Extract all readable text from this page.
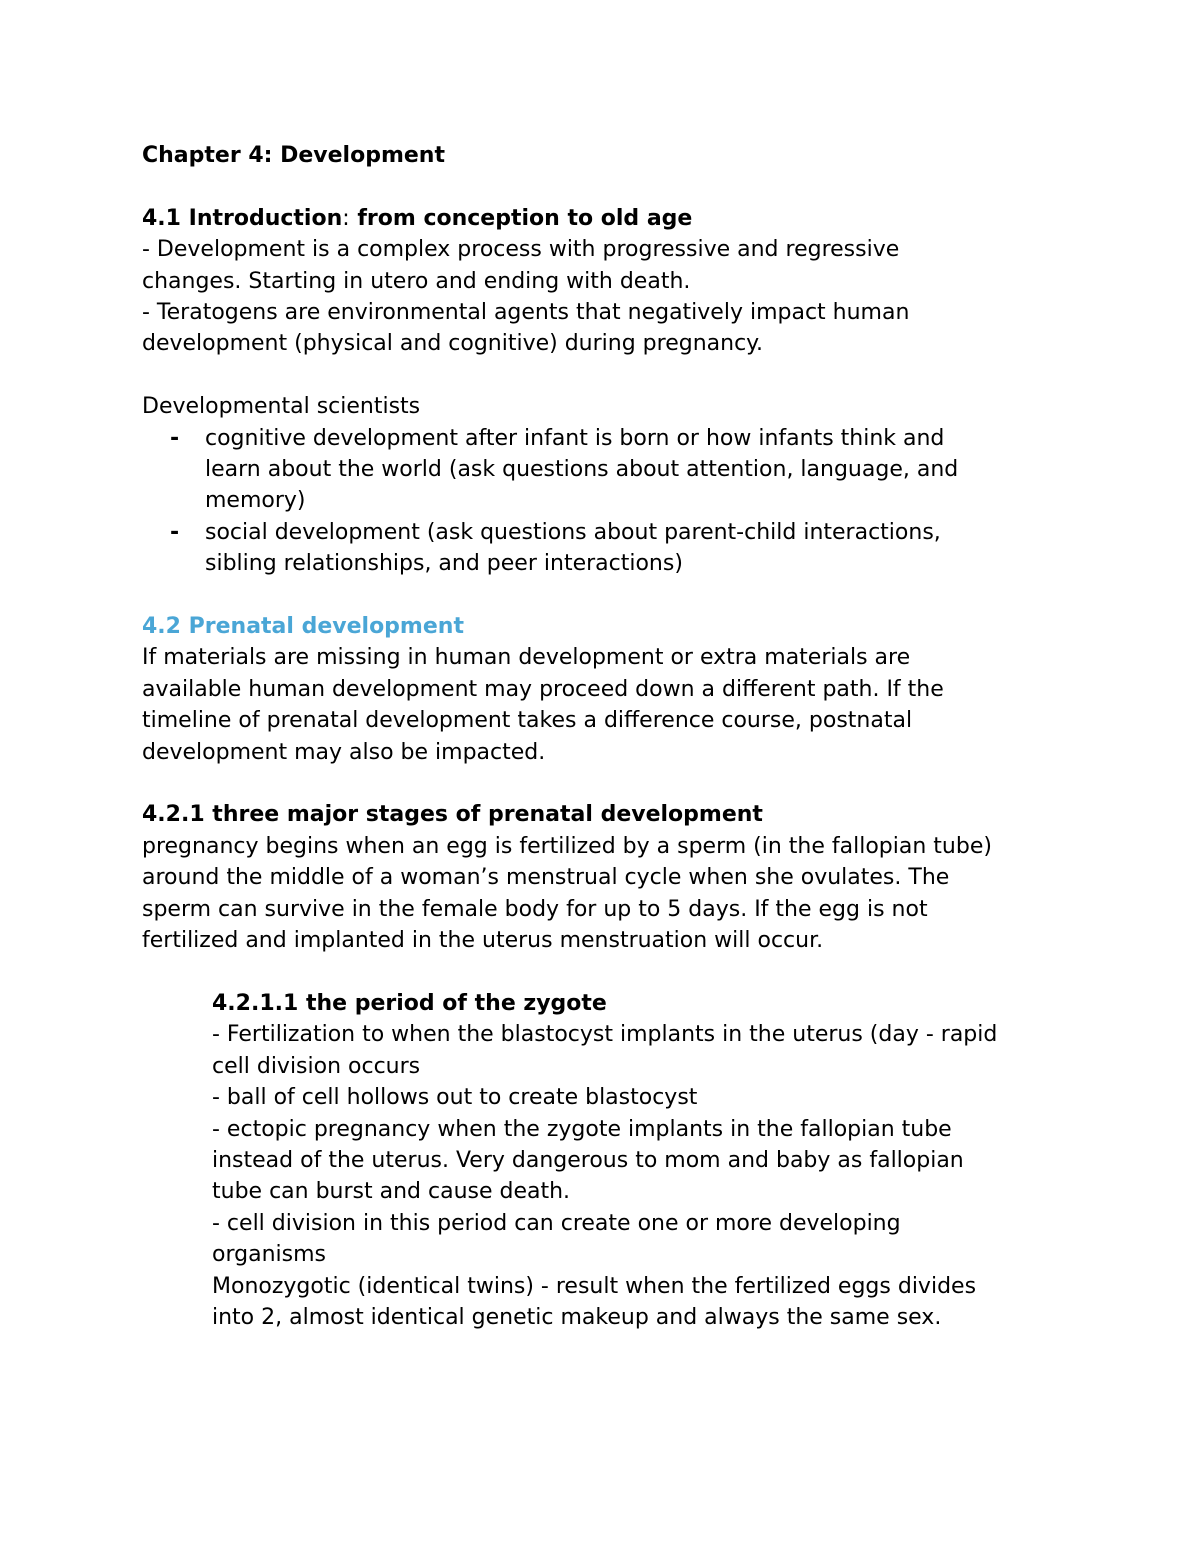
Chapter 4: Development
4.1 Introduction: from conception to old age
- Development is a complex process with progressive and regressive
changes. Starting in utero and ending with death.
- Teratogens are environmental agents that negatively impact human
development (physical and cognitive) during pregnancy.
Developmental scientists
- cognitive development after infant is born or how infants think and
learn about the world (ask questions about attention, language, and
memory)
- social development (ask questions about parent-child interactions,
sibling relationships, and peer interactions)
4.2 Prenatal development
If materials are missing in human development or extra materials are
available human development may proceed down a different path. If the
timeline of prenatal development takes a difference course, postnatal
development may also be impacted.
4.2.1 three major stages of prenatal development
pregnancy begins when an egg is fertilized by a sperm (in the fallopian tube)
around the middle of a woman’s menstrual cycle when she ovulates. The
sperm can survive in the female body for up to 5 days. If the egg is not
fertilized and implanted in the uterus menstruation will occur.
4.2.1.1 the period of the zygote
- Fertilization to when the blastocyst implants in the uterus (day - rapid
cell division occurs
- ball of cell hollows out to create blastocyst
- ectopic pregnancy when the zygote implants in the fallopian tube
instead of the uterus. Very dangerous to mom and baby as fallopian
tube can burst and cause death.
- cell division in this period can create one or more developing
organisms
Monozygotic (identical twins) - result when the fertilized eggs divides
into 2, almost identical genetic makeup and always the same sex.
